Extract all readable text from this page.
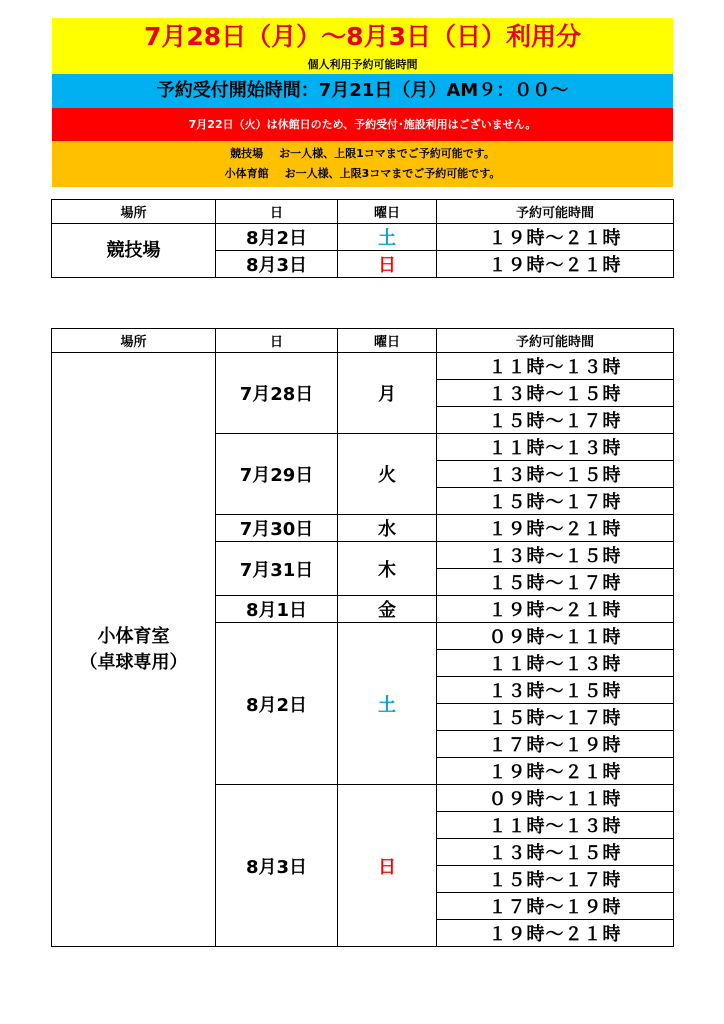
7月28日（月）～8月3日（日）利用分
個人利用予約可能時間
予約受付開始時間：7月21日（月）AM９：００～
7月22日（火）は休館日のため、予約受付･施設利用はございません。
競技場 お一人様、上限1コマまでご予約可能です。
小体育館 お一人様、上限3コマまでご予約可能です。
場所	日	曜日	予約可能時間
競技場	8月2日	土	１９時～２１時
	8月3日	日	１９時～２１時
場所	日	曜日	予約可能時間

小体育室
（卓球専用）	7月28日	月	１１時～１３時
			１３時～１５時
			１５時～１７時
	7月29日	火	１１時～１３時
			１３時～１５時
			１５時～１７時
	7月30日	水	１９時～２１時
	7月31日	木	１３時～１５時
			１５時～１７時
	8月1日	金	１９時～２１時
	8月2日	土	０９時～１１時
			１１時～１３時
			１３時～１５時
			１５時～１７時
			１７時～１９時
			１９時～２１時
	8月3日	日	０９時～１１時
			１１時～１３時
			１３時～１５時
			１５時～１７時
			１７時～１９時
			１９時～２１時
